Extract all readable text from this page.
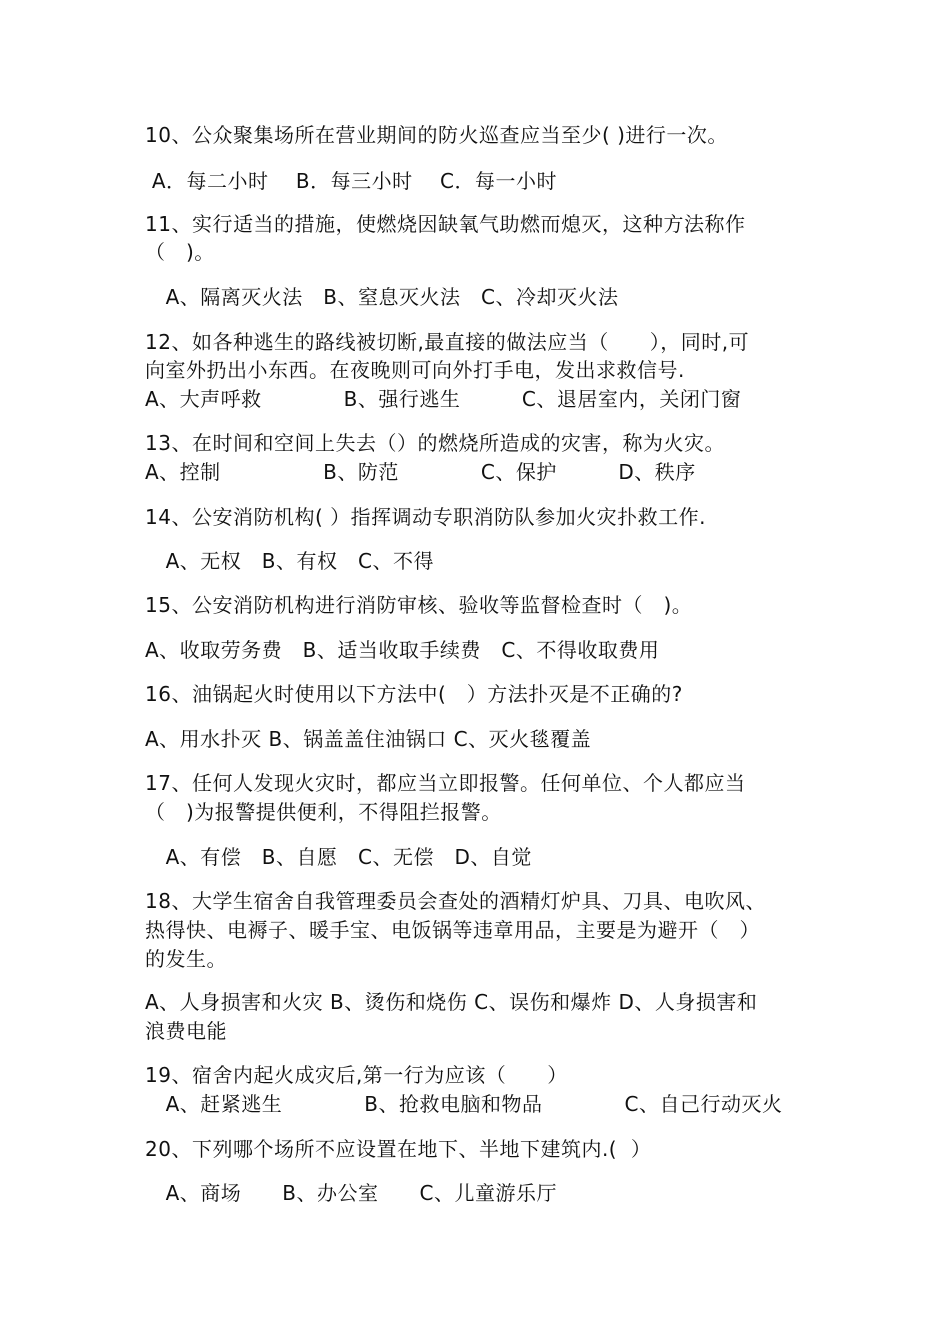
10、公众聚集场所在营业期间的防火巡查应当至少( )进行一次。
A．每二小时　 B．每三小时　 C．每一小时
11、实行适当的措施，使燃烧因缺氧气助燃而熄灭，这种方法称作
（　)。
A、隔离灭火法　B、窒息灭火法　C、冷却灭火法
12、如各种逃生的路线被切断,最直接的做法应当（　　），同时,可
向室外扔出小东西。在夜晚则可向外打手电，发出求救信号.
A、大声呼救　　　　B、强行逃生　　　C、退居室内，关闭门窗
13、在时间和空间上失去（）的燃烧所造成的灾害，称为火灾。
A、控制　　　　　B、防范　　　　C、保护　　　D、秩序
14、公安消防机构( ）指挥调动专职消防队参加火灾扑救工作.
A、无权　B、有权　C、不得
15、公安消防机构进行消防审核、验收等监督检查时（　)。
A、收取劳务费　B、适当收取手续费　C、不得收取费用
16、油锅起火时使用以下方法中(　）方法扑灭是不正确的?
A、用水扑灭 B、锅盖盖住油锅口 C、灭火毯覆盖
17、任何人发现火灾时，都应当立即报警。任何单位、个人都应当
（　)为报警提供便利，不得阻拦报警。
A、有偿　B、自愿　C、无偿　D、自觉
18、大学生宿舍自我管理委员会查处的酒精灯炉具、刀具、电吹风、
热得快、电褥子、暖手宝、电饭锅等违章用品，主要是为避开（　）
的发生。
A、人身损害和火灾 B、烫伤和烧伤 C、误伤和爆炸 D、人身损害和
浪费电能
19、宿舍内起火成灾后,第一行为应该（　　）
A、赶紧逃生　　　　B、抢救电脑和物品　　　　C、自己行动灭火
20、下列哪个场所不应设置在地下、半地下建筑内.(  ）
A、商场　　B、办公室　　C、儿童游乐厅
